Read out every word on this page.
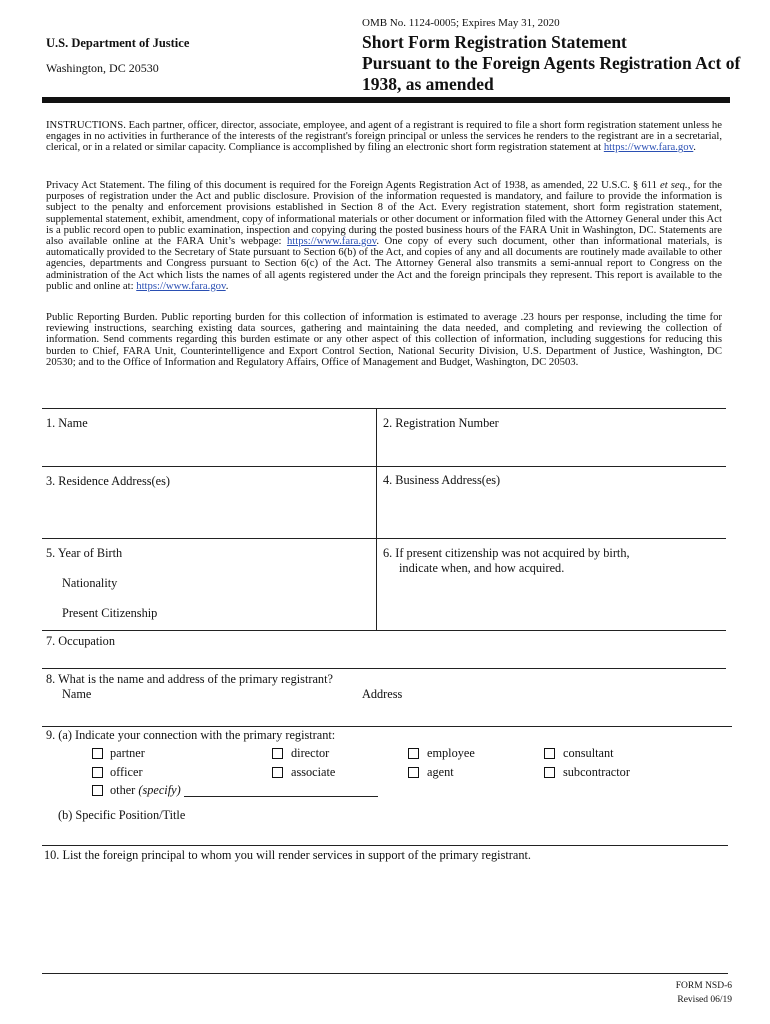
U.S. Department of Justice
Washington, DC 20530
OMB No. 1124-0005; Expires May 31, 2020
Short Form Registration Statement
Pursuant to the Foreign Agents Registration Act of
1938, as amended
INSTRUCTIONS. Each partner, officer, director, associate, employee, and agent of a registrant is required to file a short form registration statement unless he engages in no activities in furtherance of the interests of the registrant's foreign principal or unless the services he renders to the registrant are in a secretarial, clerical, or in a related or similar capacity. Compliance is accomplished by filing an electronic short form registration statement at https://www.fara.gov.
Privacy Act Statement. The filing of this document is required for the Foreign Agents Registration Act of 1938, as amended, 22 U.S.C. § 611 et seq., for the purposes of registration under the Act and public disclosure. Provision of the information requested is mandatory, and failure to provide the information is subject to the penalty and enforcement provisions established in Section 8 of the Act. Every registration statement, short form registration statement, supplemental statement, exhibit, amendment, copy of informational materials or other document or information filed with the Attorney General under this Act is a public record open to public examination, inspection and copying during the posted business hours of the FARA Unit in Washington, DC. Statements are also available online at the FARA Unit’s webpage: https://www.fara.gov. One copy of every such document, other than informational materials, is automatically provided to the Secretary of State pursuant to Section 6(b) of the Act, and copies of any and all documents are routinely made available to other agencies, departments and Congress pursuant to Section 6(c) of the Act. The Attorney General also transmits a semi-annual report to Congress on the administration of the Act which lists the names of all agents registered under the Act and the foreign principals they represent. This report is available to the public and online at: https://www.fara.gov.
Public Reporting Burden. Public reporting burden for this collection of information is estimated to average .23 hours per response, including the time for reviewing instructions, searching existing data sources, gathering and maintaining the data needed, and completing and reviewing the collection of information. Send comments regarding this burden estimate or any other aspect of this collection of information, including suggestions for reducing this burden to Chief, FARA Unit, Counterintelligence and Export Control Section, National Security Division, U.S. Department of Justice, Washington, DC 20530; and to the Office of Information and Regulatory Affairs, Office of Management and Budget, Washington, DC 20503.
1. Name	2. Registration Number
3. Residence Address(es)	4. Business Address(es)
5. Year of Birth
Nationality
Present Citizenship
6. If present citizenship was not acquired by birth,
indicate when, and how acquired.
7. Occupation
8. What is the name and address of the primary registrant?
Name	Address
9. (a) Indicate your connection with the primary registrant:
partner	director	employee	consultant
officer	associate	agent	subcontractor
other (specify)
(b) Specific Position/Title
10. List the foreign principal to whom you will render services in support of the primary registrant.
FORM NSD-6
Revised 06/19
